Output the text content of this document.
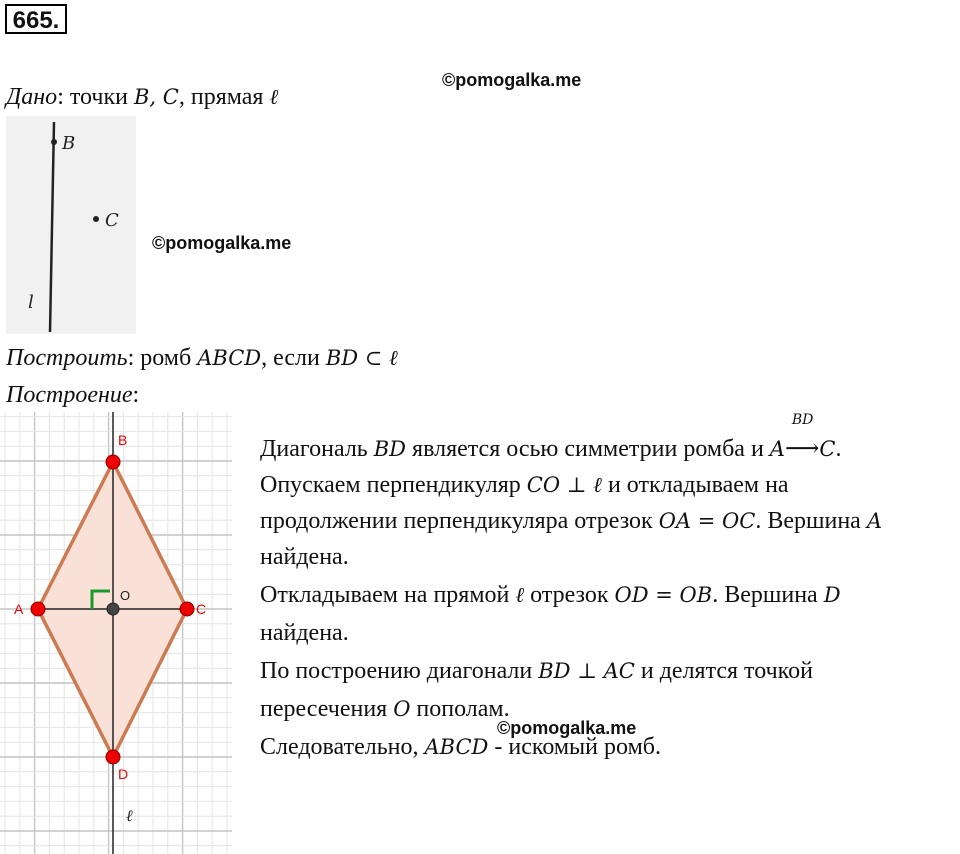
665.
©pomogalka.me
Дано: точки B, C, прямая ℓ
B
C
l
©pomogalka.me
Построить: ромб ABCD, если BD ⊂ ℓ
Построение:
B
A	C
D
O
ℓ
Диагональ BD является осью симметрии ромба и
BD
A⟶C.
Опускаем перпендикуляр CO ⊥ ℓ и откладываем на
продолжении перпендикуляра отрезок OA = OC. Вершина A
найдена.
Откладываем на прямой ℓ отрезок OD = OB. Вершина D
найдена.
По построению диагонали BD ⊥ AC и делятся точкой
пересечения O пополам.
©pomogalka.me
Следовательно, ABCD - искомый ромб.
